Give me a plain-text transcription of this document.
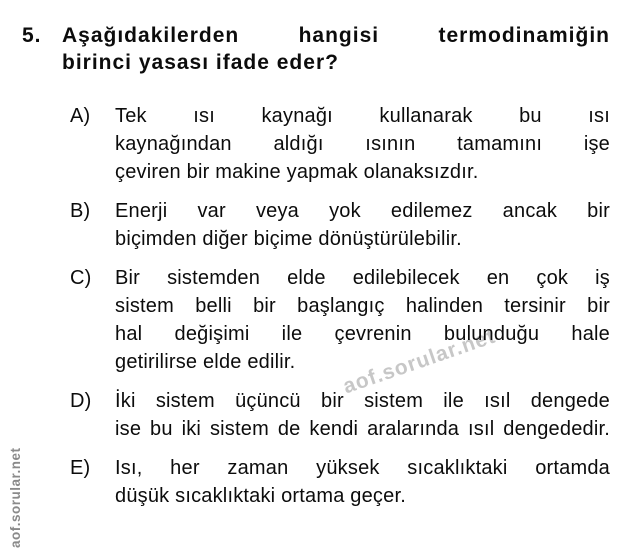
aof.sorular.net
aof.sorular.net
5. Aşağıdakilerden hangisi termodinamiğin
birinci yasası ifade eder?
A)	Tek ısı kaynağı kullanarak bu ısı
kaynağından aldığı ısının tamamını işe
çeviren bir makine yapmak olanaksızdır.
B)	Enerji var veya yok edilemez ancak bir
biçimden diğer biçime dönüştürülebilir.
C)	Bir sistemden elde edilebilecek en çok iş
sistem belli bir başlangıç halinden tersinir bir
hal değişimi ile çevrenin bulunduğu hale
getirilirse elde edilir.
D)	İki sistem üçüncü bir sistem ile ısıl dengede
ise bu iki sistem de kendi aralarında ısıl dengededir.
E)	Isı, her zaman yüksek sıcaklıktaki ortamda
düşük sıcaklıktaki ortama geçer.
